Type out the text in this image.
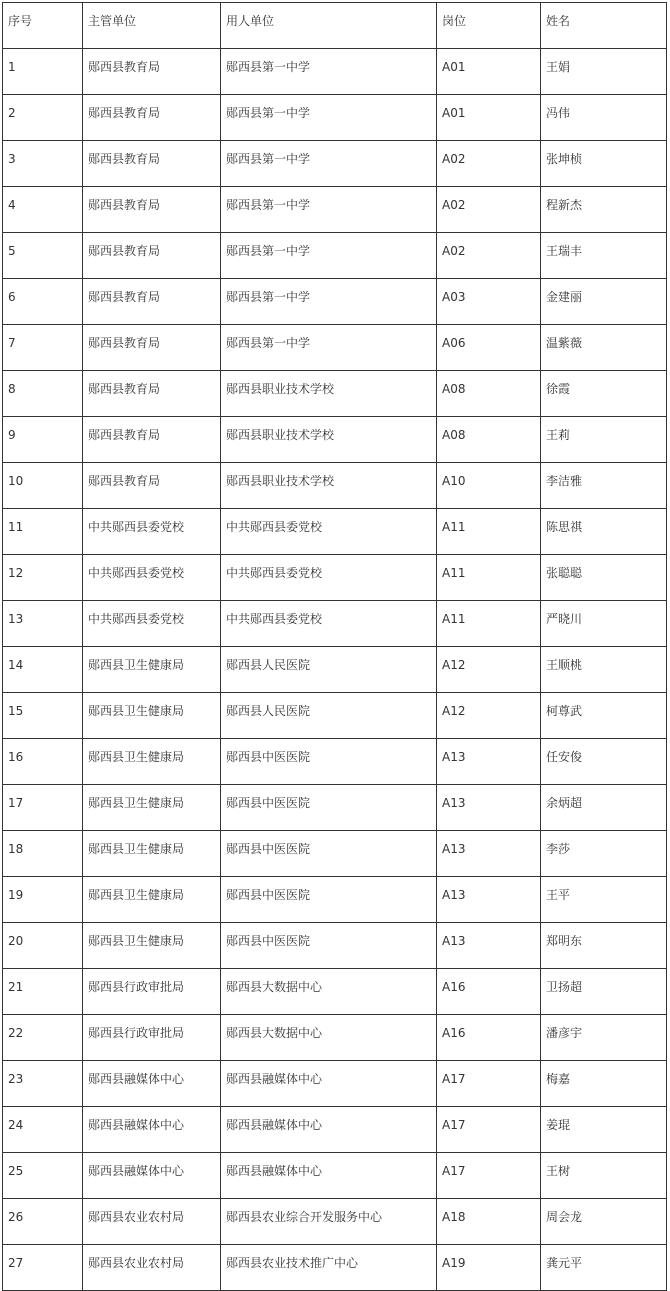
序号	主管单位	用人单位	岗位	姓名
1	郧西县教育局	郧西县第一中学	A01	王娟
2	郧西县教育局	郧西县第一中学	A01	冯伟
3	郧西县教育局	郧西县第一中学	A02	张坤桢
4	郧西县教育局	郧西县第一中学	A02	程新杰
5	郧西县教育局	郧西县第一中学	A02	王瑞丰
6	郧西县教育局	郧西县第一中学	A03	金建丽
7	郧西县教育局	郧西县第一中学	A06	温紫薇
8	郧西县教育局	郧西县职业技术学校	A08	徐霞
9	郧西县教育局	郧西县职业技术学校	A08	王莉
10	郧西县教育局	郧西县职业技术学校	A10	李洁雅
11	中共郧西县委党校	中共郧西县委党校	A11	陈思祺
12	中共郧西县委党校	中共郧西县委党校	A11	张聪聪
13	中共郧西县委党校	中共郧西县委党校	A11	严晓川
14	郧西县卫生健康局	郧西县人民医院	A12	王顺桃
15	郧西县卫生健康局	郧西县人民医院	A12	柯尊武
16	郧西县卫生健康局	郧西县中医医院	A13	任安俊
17	郧西县卫生健康局	郧西县中医医院	A13	余炳超
18	郧西县卫生健康局	郧西县中医医院	A13	李莎
19	郧西县卫生健康局	郧西县中医医院	A13	王平
20	郧西县卫生健康局	郧西县中医医院	A13	郑明东
21	郧西县行政审批局	郧西县大数据中心	A16	卫扬超
22	郧西县行政审批局	郧西县大数据中心	A16	潘彦宇
23	郧西县融媒体中心	郧西县融媒体中心	A17	梅嘉
24	郧西县融媒体中心	郧西县融媒体中心	A17	姜琨
25	郧西县融媒体中心	郧西县融媒体中心	A17	王树
26	郧西县农业农村局	郧西县农业综合开发服务中心	A18	周会龙
27	郧西县农业农村局	郧西县农业技术推广中心	A19	龚元平
